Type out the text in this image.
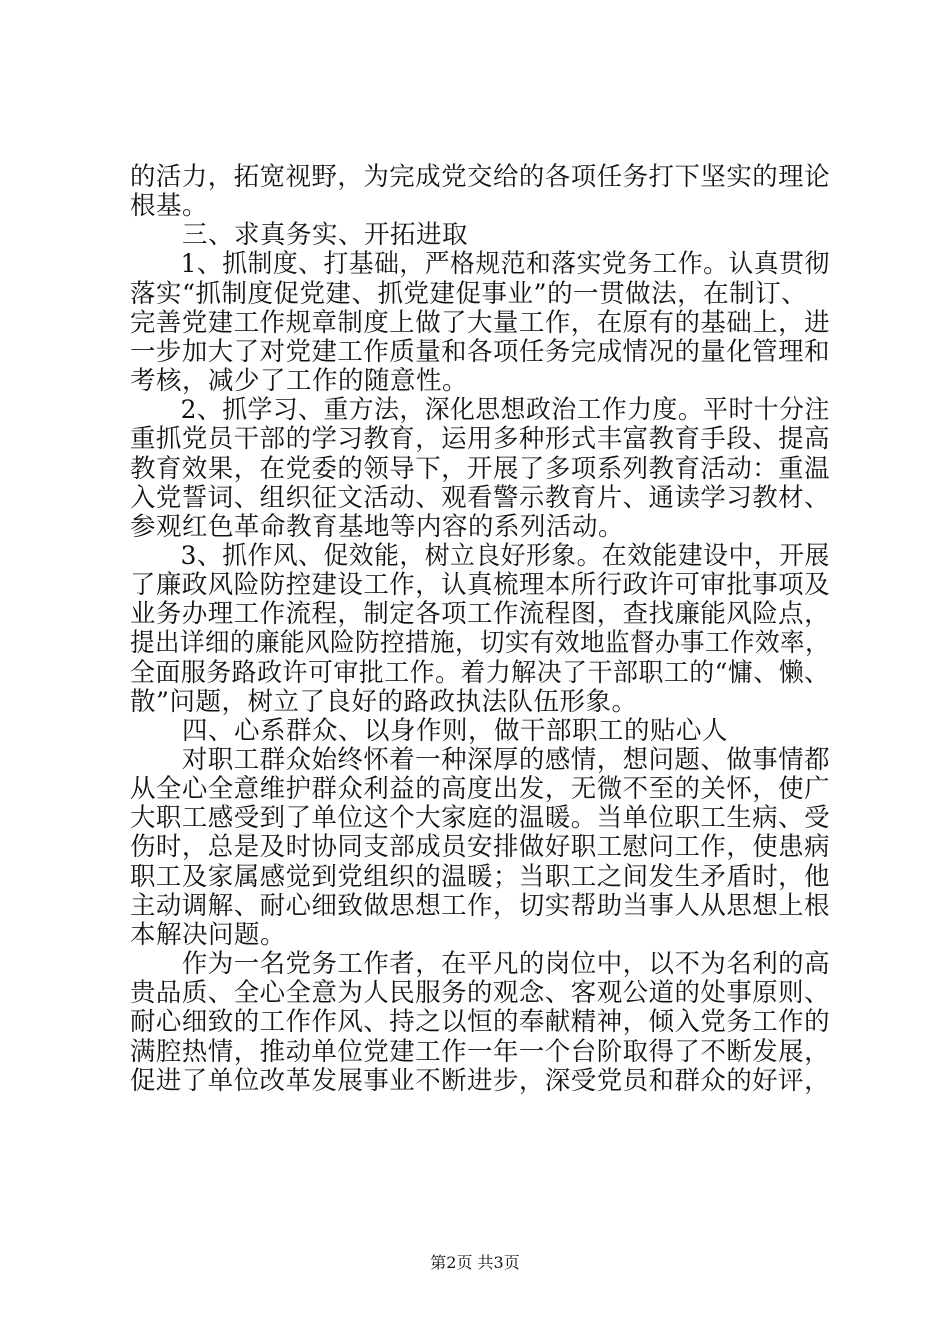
的活力，拓宽视野，为完成党交给的各项任务打下坚实的理论
根基。
　　三、求真务实、开拓进取
　　1、抓制度、打基础，严格规范和落实党务工作。认真贯彻
落实“抓制度促党建、抓党建促事业”的一贯做法，在制订、
完善党建工作规章制度上做了大量工作，在原有的基础上，进
一步加大了对党建工作质量和各项任务完成情况的量化管理和
考核，减少了工作的随意性。
　　2、抓学习、重方法，深化思想政治工作力度。平时十分注
重抓党员干部的学习教育，运用多种形式丰富教育手段、提高
教育效果，在党委的领导下，开展了多项系列教育活动：重温
入党誓词、组织征文活动、观看警示教育片、通读学习教材、
参观红色革命教育基地等内容的系列活动。
　　3、抓作风、促效能，树立良好形象。在效能建设中，开展
了廉政风险防控建设工作，认真梳理本所行政许可审批事项及
业务办理工作流程，制定各项工作流程图，查找廉能风险点，
提出详细的廉能风险防控措施，切实有效地监督办事工作效率，
全面服务路政许可审批工作。着力解决了干部职工的“慵、懒、
散”问题，树立了良好的路政执法队伍形象。
　　四、心系群众、以身作则，做干部职工的贴心人
　　对职工群众始终怀着一种深厚的感情，想问题、做事情都
从全心全意维护群众利益的高度出发，无微不至的关怀，使广
大职工感受到了单位这个大家庭的温暖。当单位职工生病、受
伤时，总是及时协同支部成员安排做好职工慰问工作，使患病
职工及家属感觉到党组织的温暖；当职工之间发生矛盾时，他
主动调解、耐心细致做思想工作，切实帮助当事人从思想上根
本解决问题。
　　作为一名党务工作者，在平凡的岗位中，以不为名利的高
贵品质、全心全意为人民服务的观念、客观公道的处事原则、
耐心细致的工作作风、持之以恒的奉献精神，倾入党务工作的
满腔热情，推动单位党建工作一年一个台阶取得了不断发展，
促进了单位改革发展事业不断进步，深受党员和群众的好评，
第2页 共3页
